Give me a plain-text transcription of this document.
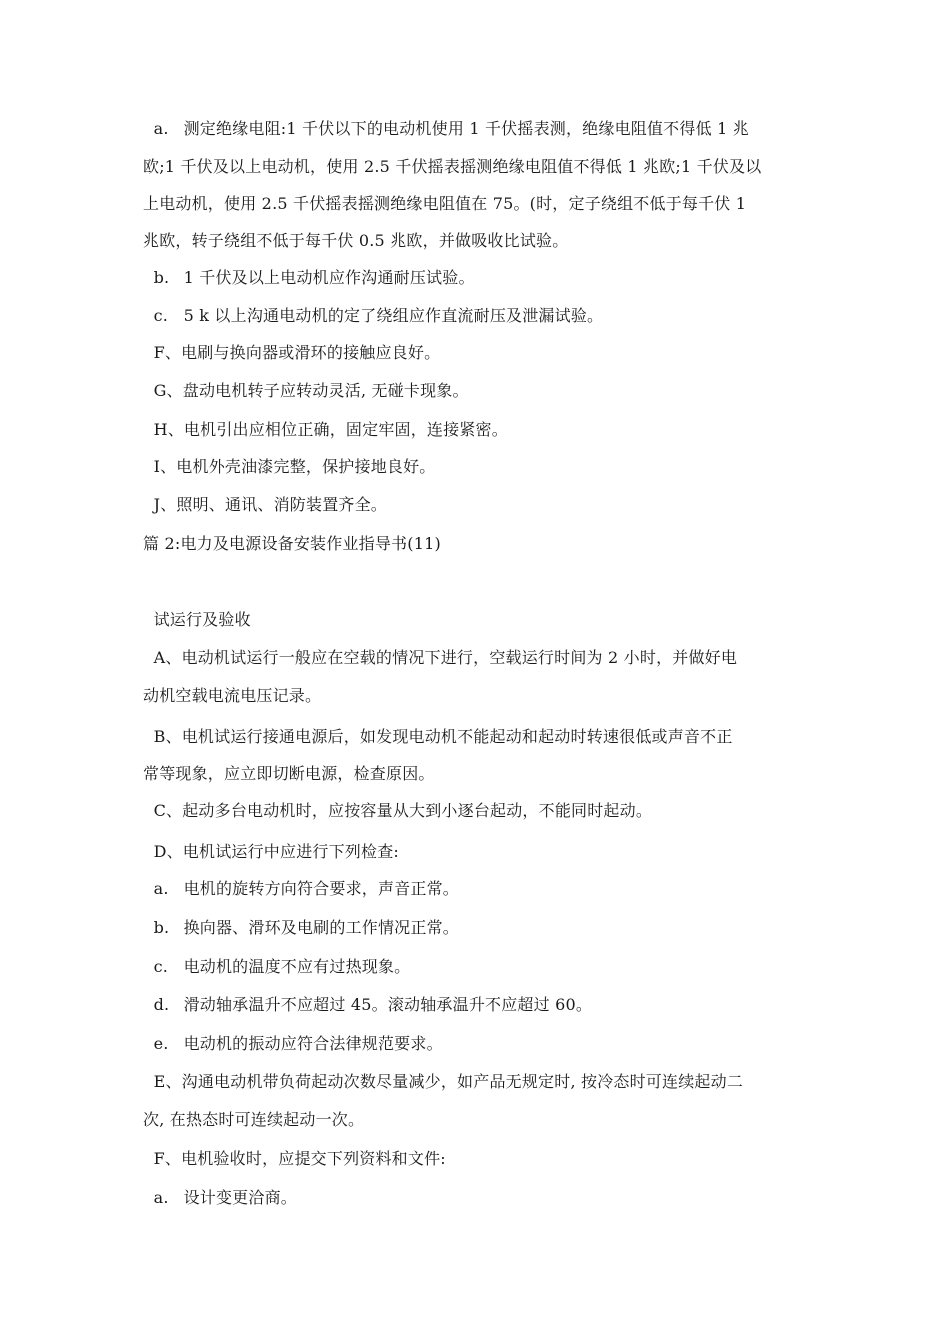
a. 测定绝缘电阻:1 千伏以下的电动机使用 1 千伏摇表测，绝缘电阻值不得低 1 兆
欧;1 千伏及以上电动机，使用 2.5 千伏摇表摇测绝缘电阻值不得低 1 兆欧;1 千伏及以
上电动机，使用 2.5 千伏摇表摇测绝缘电阻值在 75。(时，定子绕组不低于每千伏 1
兆欧，转子绕组不低于每千伏 0.5 兆欧，并做吸收比试验。
b. 1 千伏及以上电动机应作沟通耐压试验。
c. 5 k 以上沟通电动机的定了绕组应作直流耐压及泄漏试验。
F、电刷与换向器或滑环的接触应良好。
G、盘动电机转子应转动灵活, 无碰卡现象。
H、电机引出应相位正确，固定牢固，连接紧密。
I、电机外壳油漆完整，保护接地良好。
J、照明、通讯、消防装置齐全。
篇 2:电力及电源设备安装作业指导书(11)
试运行及验收
A、电动机试运行一般应在空载的情况下进行，空载运行时间为 2 小时，并做好电
动机空载电流电压记录。
B、电机试运行接通电源后，如发现电动机不能起动和起动时转速很低或声音不正
常等现象，应立即切断电源，检查原因。
C、起动多台电动机时，应按容量从大到小逐台起动，不能同时起动。
D、电机试运行中应进行下列检查:
a. 电机的旋转方向符合要求，声音正常。
b. 换向器、滑环及电刷的工作情况正常。
c. 电动机的温度不应有过热现象。
d. 滑动轴承温升不应超过 45。滚动轴承温升不应超过 60。
e. 电动机的振动应符合法律规范要求。
E、沟通电动机带负荷起动次数尽量减少，如产品无规定时, 按冷态时可连续起动二
次, 在热态时可连续起动一次。
F、电机验收时，应提交下列资料和文件:
a. 设计变更洽商。
